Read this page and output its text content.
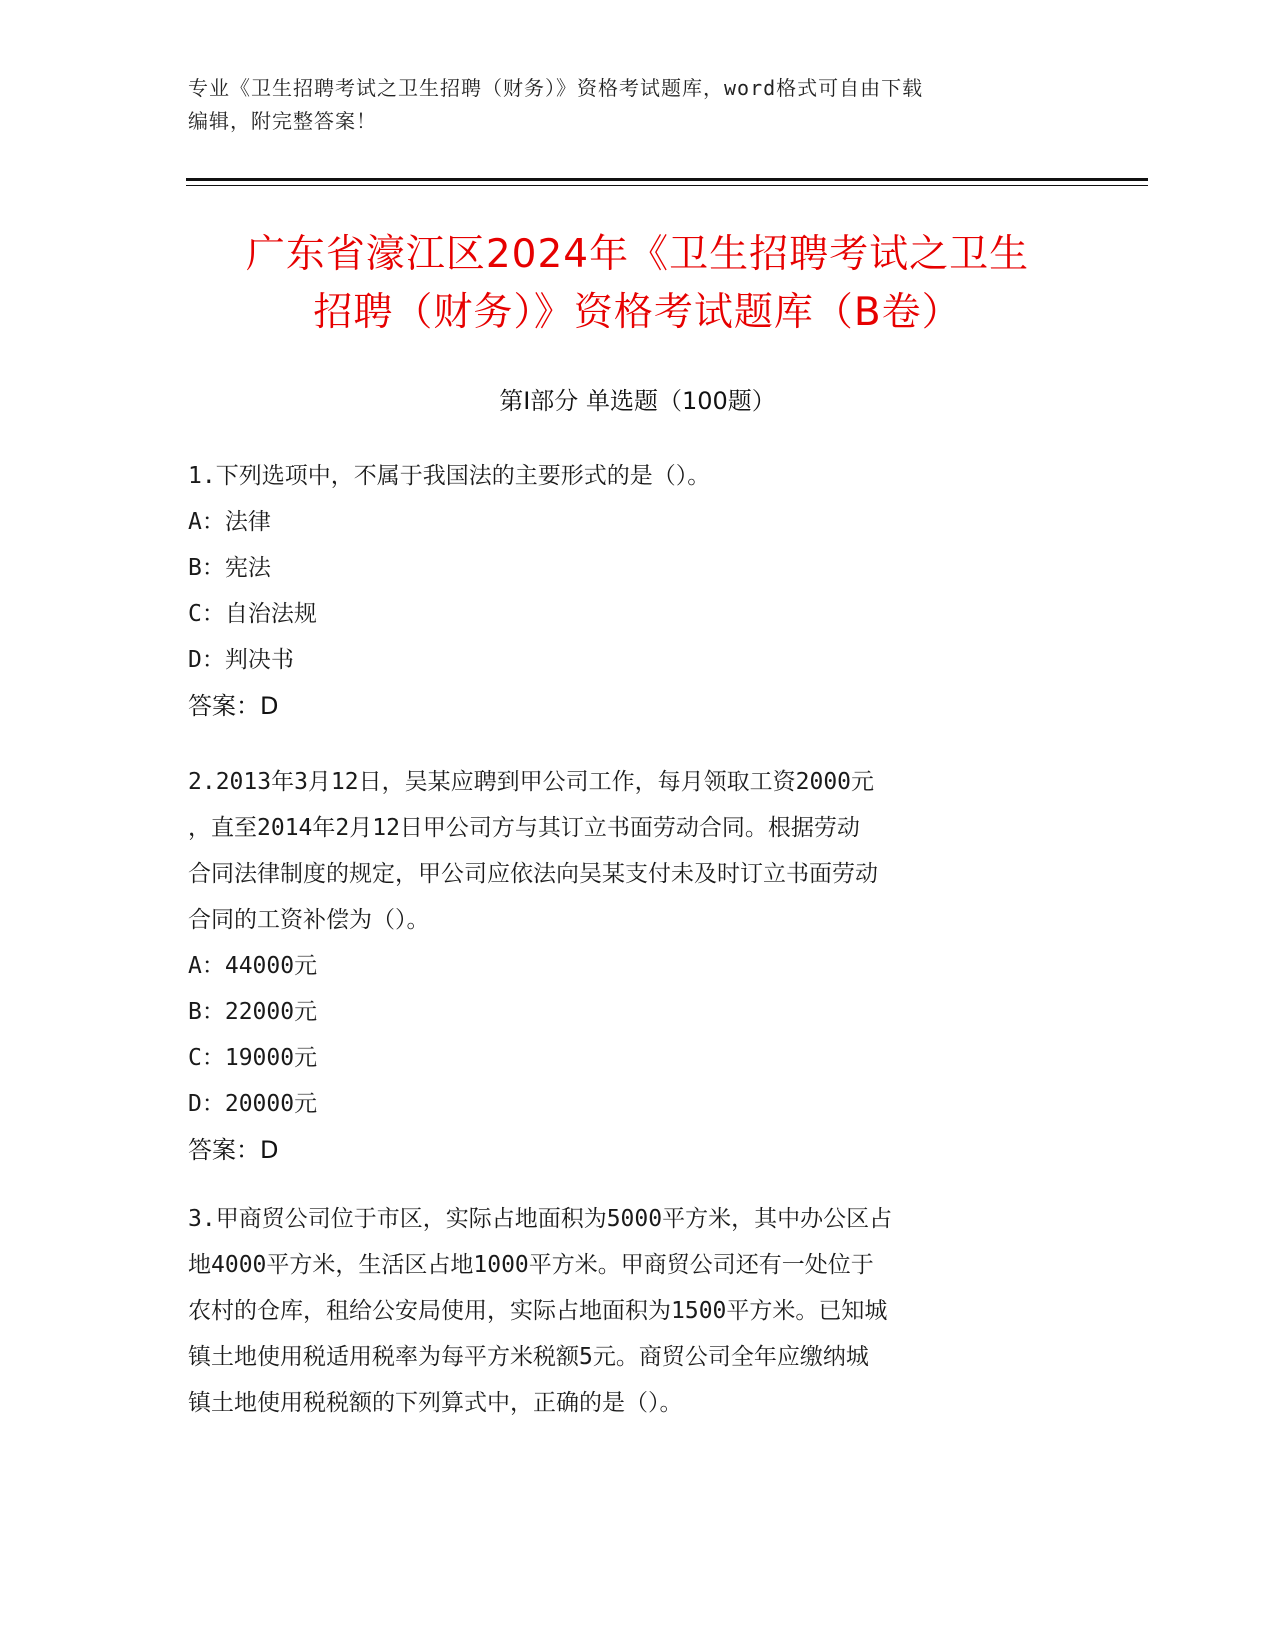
专业《卫生招聘考试之卫生招聘（财务）》资格考试题库，word格式可自由下载
编辑，附完整答案！
广东省濠江区2024年《卫生招聘考试之卫生
招聘（财务）》资格考试题库（B卷）
第Ⅰ部分 单选题（100题）
1.下列选项中，不属于我国法的主要形式的是（）。
A：法律
B：宪法
C：自治法规
D：判决书
答案：D
2.2013年3月12日，吴某应聘到甲公司工作，每月领取工资2000元
，直至2014年2月12日甲公司方与其订立书面劳动合同。根据劳动
合同法律制度的规定，甲公司应依法向吴某支付未及时订立书面劳动
合同的工资补偿为（）。
A：44000元
B：22000元
C：19000元
D：20000元
答案：D
3.甲商贸公司位于市区，实际占地面积为5000平方米，其中办公区占
地4000平方米，生活区占地1000平方米。甲商贸公司还有一处位于
农村的仓库，租给公安局使用，实际占地面积为1500平方米。已知城
镇土地使用税适用税率为每平方米税额5元。商贸公司全年应缴纳城
镇土地使用税税额的下列算式中，正确的是（）。
